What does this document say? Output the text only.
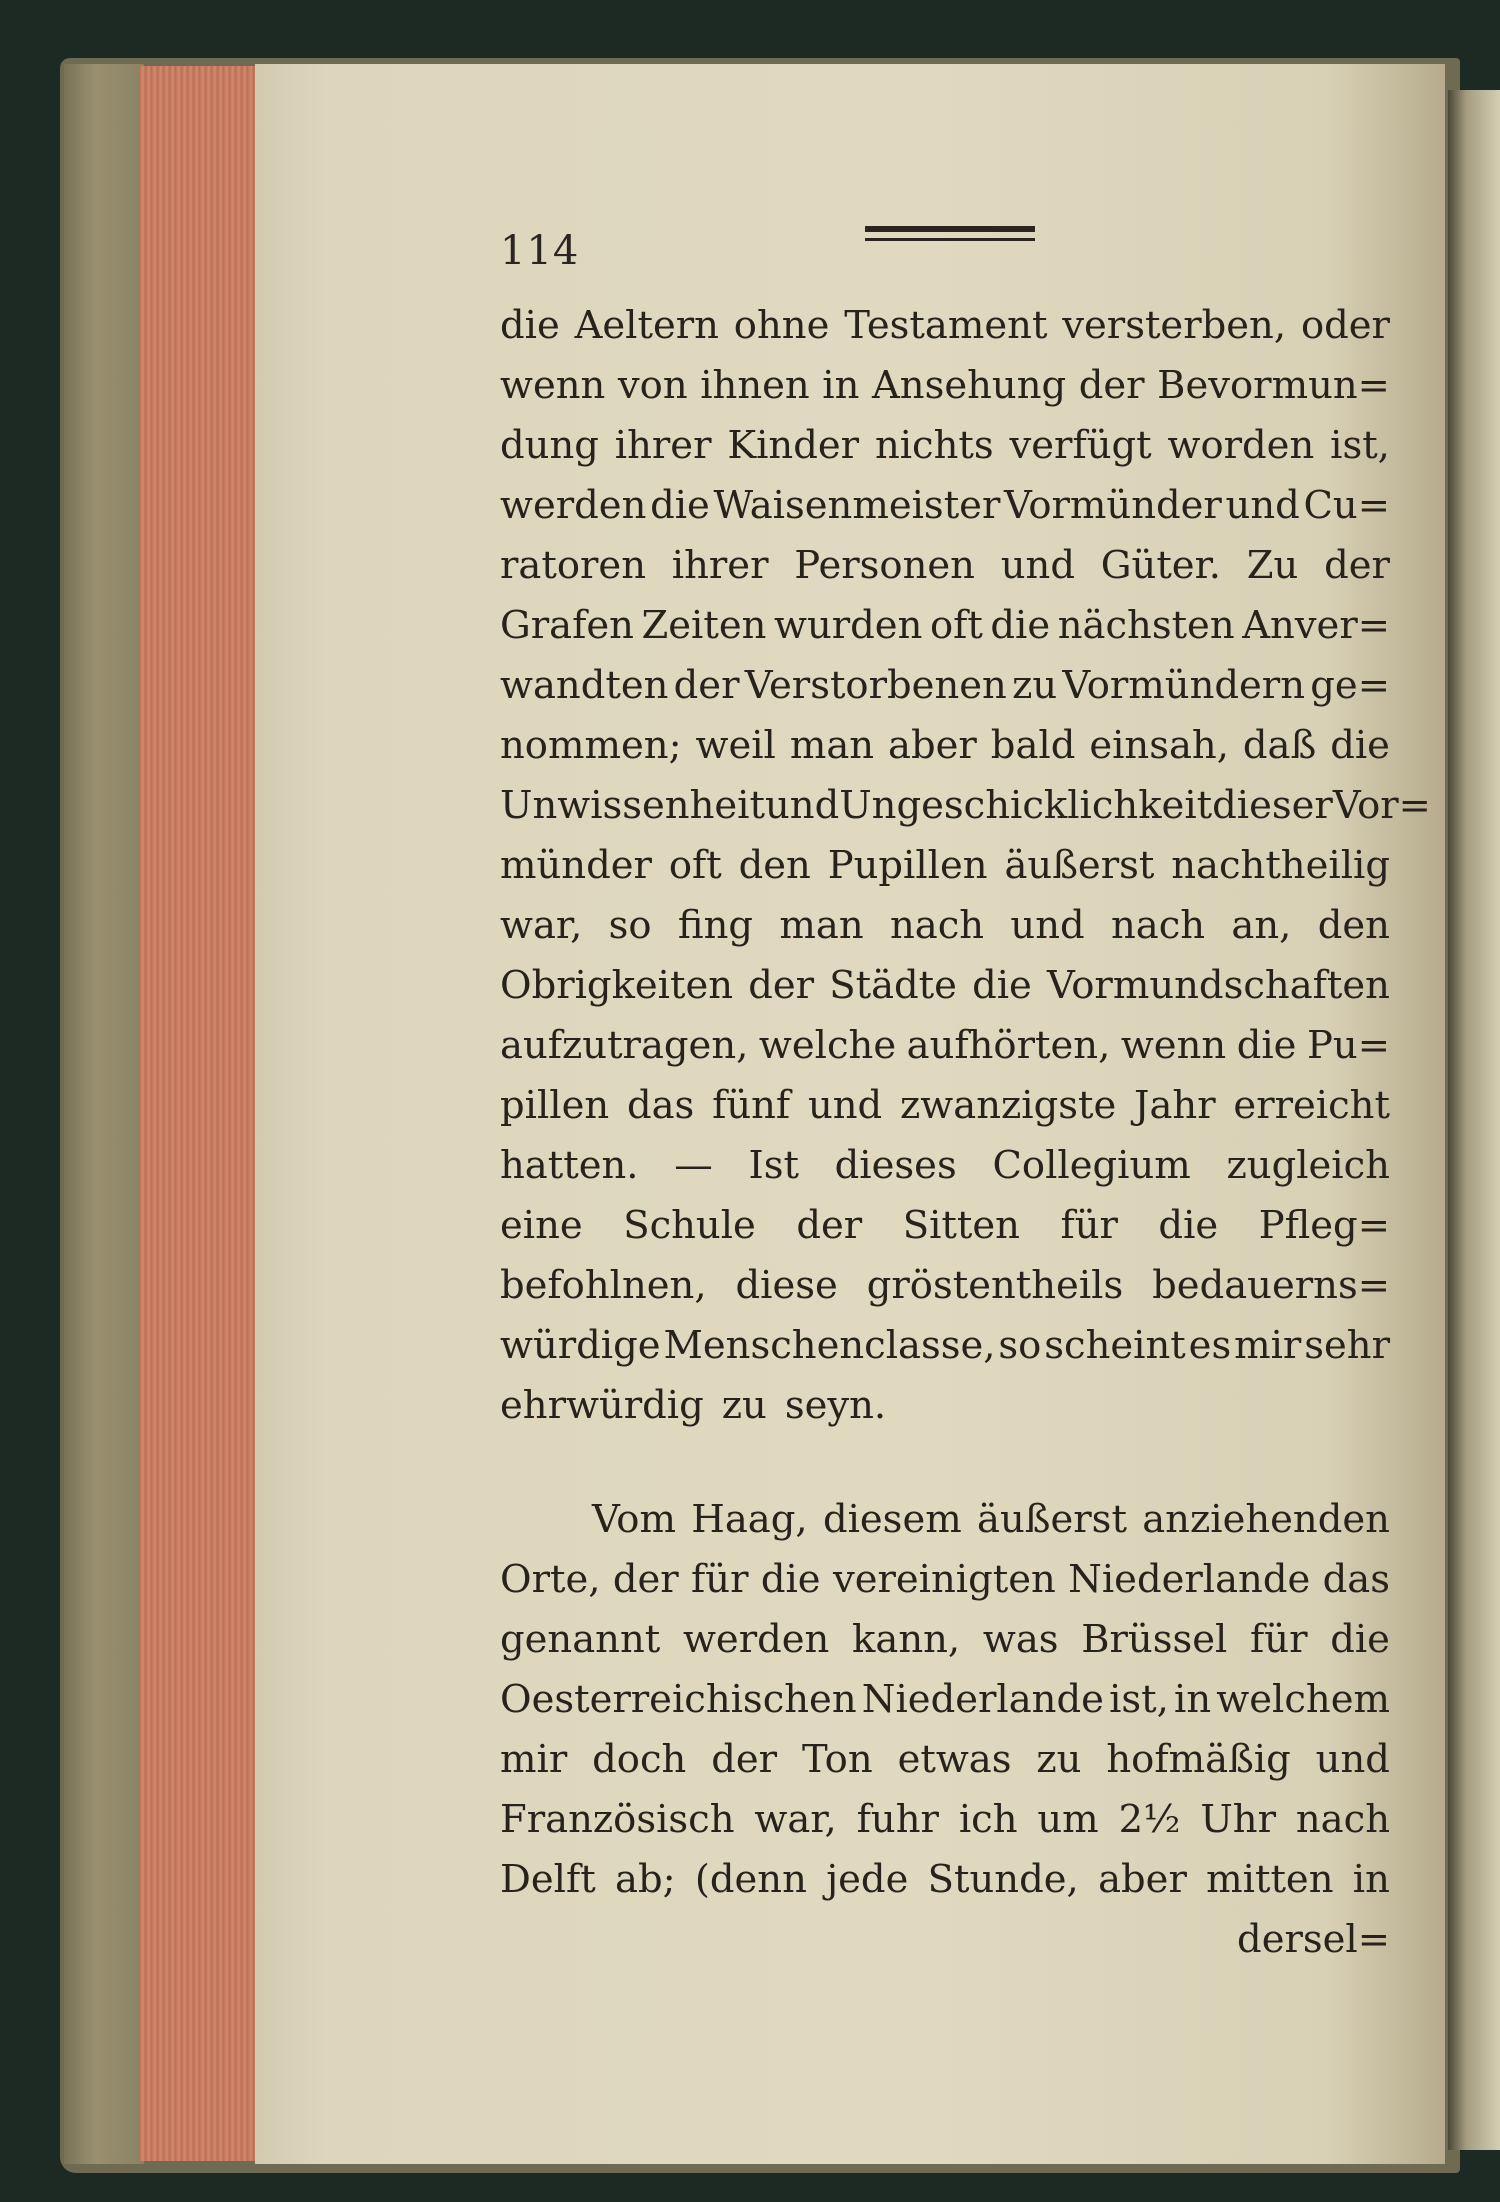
114
die Aeltern ohne Testament versterben, oder
wenn von ihnen in Ansehung der Bevormun=
dung ihrer Kinder nichts verfügt worden ist,
werden die Waisenmeister Vormünder und Cu=
ratoren ihrer Personen und Güter. Zu der
Grafen Zeiten wurden oft die nächsten Anver=
wandten der Verstorbenen zu Vormündern ge=
nommen; weil man aber bald einsah, daß die
Unwissenheit und Ungeschicklichkeit dieser Vor=
münder oft den Pupillen äußerst nachtheilig
war, so fing man nach und nach an, den
Obrigkeiten der Städte die Vormundschaften
aufzutragen, welche aufhörten, wenn die Pu=
pillen das fünf und zwanzigste Jahr erreicht
hatten. — Ist dieses Collegium zugleich
eine Schule der Sitten für die Pfleg=
befohlnen, diese gröstentheils bedauerns=
würdige Menschenclasse, so scheint es mir sehr
ehrwürdig zu seyn.
Vom Haag, diesem äußerst anziehenden
Orte, der für die vereinigten Niederlande das
genannt werden kann, was Brüssel für die
Oesterreichischen Niederlande ist, in welchem
mir doch der Ton etwas zu hofmäßig und
Französisch war, fuhr ich um 2½ Uhr nach
Delft ab; (denn jede Stunde, aber mitten in
dersel=
